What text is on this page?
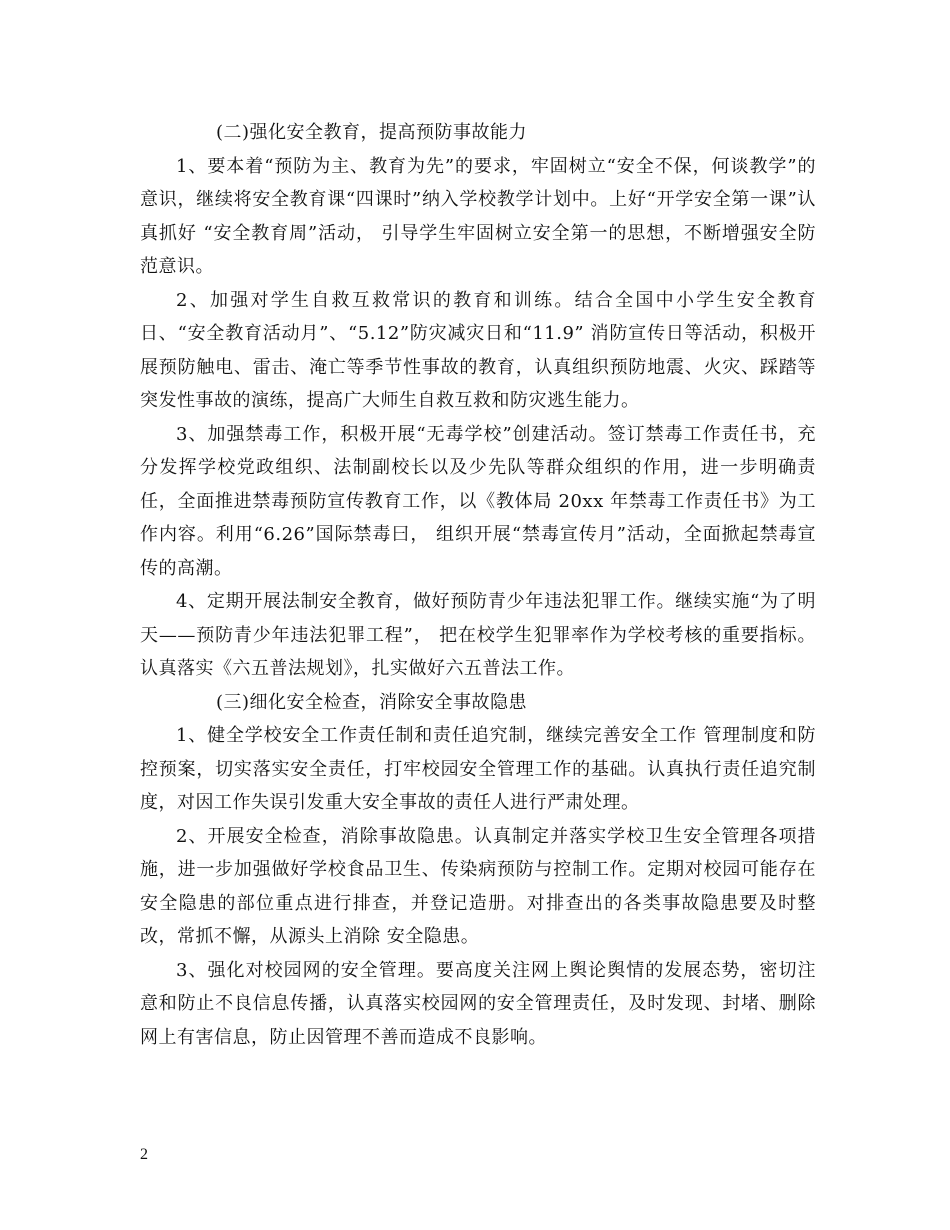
(二)强化安全教育，提高预防事故能力

1、要本着“预防为主、教育为先”的要求，牢固树立“安全不保，何谈教学”的意识，继续将安全教育课“四课时”纳入学校教学计划中。上好“开学安全第一课”认真抓好 “安全教育周”活动， 引导学生牢固树立安全第一的思想，不断增强安全防范意识。

2、加强对学生自救互救常识的教育和训练。结合全国中小学生安全教育日、“安全教育活动月”、“5.12”防灾减灾日和“11.9” 消防宣传日等活动，积极开展预防触电、雷击、淹亡等季节性事故的教育，认真组织预防地震、火灾、踩踏等突发性事故的演练，提高广大师生自救互救和防灾逃生能力。

3、加强禁毒工作，积极开展“无毒学校”创建活动。签订禁毒工作责任书，充分发挥学校党政组织、法制副校长以及少先队等群众组织的作用，进一步明确责任，全面推进禁毒预防宣传教育工作，以《教体局 20xx 年禁毒工作责任书》为工作内容。利用“6.26”国际禁毒曰， 组织开展“禁毒宣传月”活动，全面掀起禁毒宣传的高潮。

4、定期开展法制安全教育，做好预防青少年违法犯罪工作。继续实施“为了明天——预防青少年违法犯罪工程”， 把在校学生犯罪率作为学校考核的重要指标。认真落实《六五普法规划》，扎实做好六五普法工作。

(三)细化安全检查，消除安全事故隐患

1、健全学校安全工作责任制和责任追究制，继续完善安全工作 管理制度和防控预案，切实落实安全责任，打牢校园安全管理工作的基础。认真执行责任追究制度，对因工作失误引发重大安全事故的责任人进行严肃处理。

2、开展安全检查，消除事故隐患。认真制定并落实学校卫生安全管理各项措施，进一步加强做好学校食品卫生、传染病预防与控制工作。定期对校园可能存在安全隐患的部位重点进行排查，并登记造册。对排查出的各类事故隐患要及时整改，常抓不懈，从源头上消除 安全隐患。

3、强化对校园网的安全管理。要高度关注网上舆论舆情的发展态势，密切注意和防止不良信息传播，认真落实校园网的安全管理责任，及时发现、封堵、删除网上有害信息，防止因管理不善而造成不良影响。

2
